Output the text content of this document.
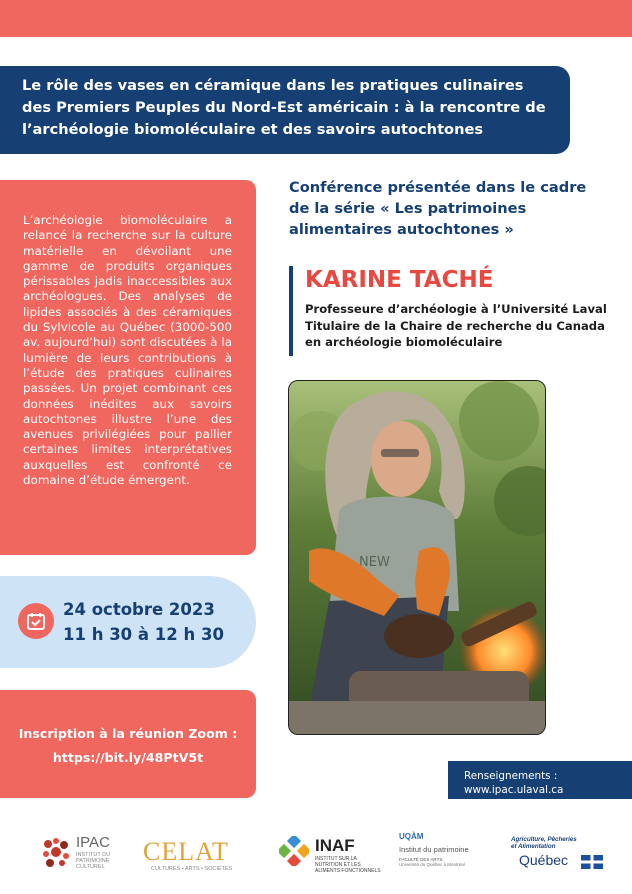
Le rôle des vases en céramique dans les pratiques culinaires des Premiers Peuples du Nord-Est américain : à la rencontre de l’archéologie biomoléculaire et des savoirs autochtones

L’archéologie biomoléculaire a relancé la recherche sur la culture matérielle en dévoilant une gamme de produits organiques périssables jadis inaccessibles aux archéologues. Des analyses de lipides associés à des céramiques du Sylvicole au Québec (3000-500 av. aujourd’hui) sont discutées à la lumière de leurs contributions à l’étude des pratiques culinaires passées. Un projet combinant ces données inédites aux savoirs autochtones illustre l’une des avenues privilégiées pour pallier certaines limites interprétatives auxquelles est confronté ce domaine d’étude émergent.

Conférence présentée dans le cadre de la série « Les patrimoines alimentaires autochtones »
KARINE TACHÉ
Professeure d’archéologie à l’Université Laval
Titulaire de la Chaire de recherche du Canada en archéologie biomoléculaire
NEW
24 octobre 2023
11 h 30 à 12 h 30
Inscription à la réunion Zoom :
https://bit.ly/48PtV5t
Renseignements :
www.ipac.ulaval.ca
IPAC
INSTITUT DU
PATRIMOINE
CULTUREL
CELAT
CULTURES • ARTS • SOCIÉTÉS
INAF
INSTITUT SUR LA
NUTRITION ET LES
ALIMENTS FONCTIONNELS
UQÀM
Institut du patrimoine
FACULTÉ DES ARTS
Université du Québec à Montréal
Agriculture, Pêcheries
et Alimentation
Québec
